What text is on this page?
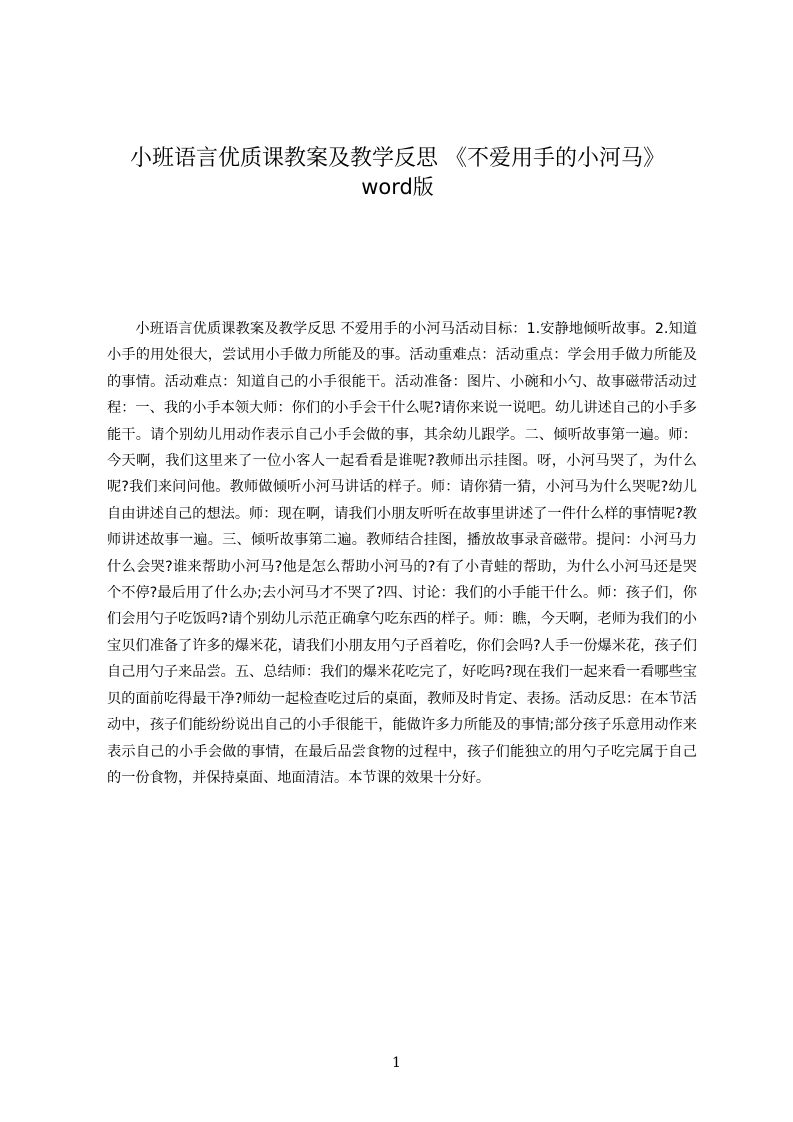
小班语言优质课教案及教学反思 《不爱用手的小河马》
word版

小班语言优质课教案及教学反思 不爱用手的小河马活动目标：1.安静地倾听故事。2.知道小手的用处很大，尝试用小手做力所能及的事。活动重难点：活动重点：学会用手做力所能及的事情。活动难点：知道自己的小手很能干。活动准备：图片、小碗和小勺、故事磁带活动过程：一、我的小手本领大师：你们的小手会干什么呢?请你来说一说吧。幼儿讲述自己的小手多能干。请个别幼儿用动作表示自己小手会做的事，其余幼儿跟学。二、倾听故事第一遍。师：今天啊，我们这里来了一位小客人一起看看是谁呢?教师出示挂图。呀，小河马哭了，为什么呢?我们来问问他。教师做倾听小河马讲话的样子。师：请你猜一猜，小河马为什么哭呢?幼儿自由讲述自己的想法。师：现在啊，请我们小朋友听听在故事里讲述了一件什么样的事情呢?教师讲述故事一遍。三、倾听故事第二遍。教师结合挂图，播放故事录音磁带。提问：小河马力什么会哭?谁来帮助小河马?他是怎么帮助小河马的?有了小青蛙的帮助，为什么小河马还是哭个不停?最后用了什么办;去小河马才不哭了?四、讨论：我们的小手能干什么。师：孩子们，你们会用勺子吃饭吗?请个别幼儿示范正确拿勺吃东西的样子。师：瞧，今天啊，老师为我们的小宝贝们准备了许多的爆米花，请我们小朋友用勺子舀着吃，你们会吗?人手一份爆米花，孩子们自己用勺子来品尝。五、总结师：我们的爆米花吃完了，好吃吗?现在我们一起来看一看哪些宝贝的面前吃得最干净?师幼一起检查吃过后的桌面，教师及时肯定、表扬。活动反思：在本节活动中，孩子们能纷纷说出自己的小手很能干，能做许多力所能及的事情;部分孩子乐意用动作来表示自己的小手会做的事情，在最后品尝食物的过程中，孩子们能独立的用勺子吃完属于自己的一份食物，并保持桌面、地面清洁。本节课的效果十分好。

1
